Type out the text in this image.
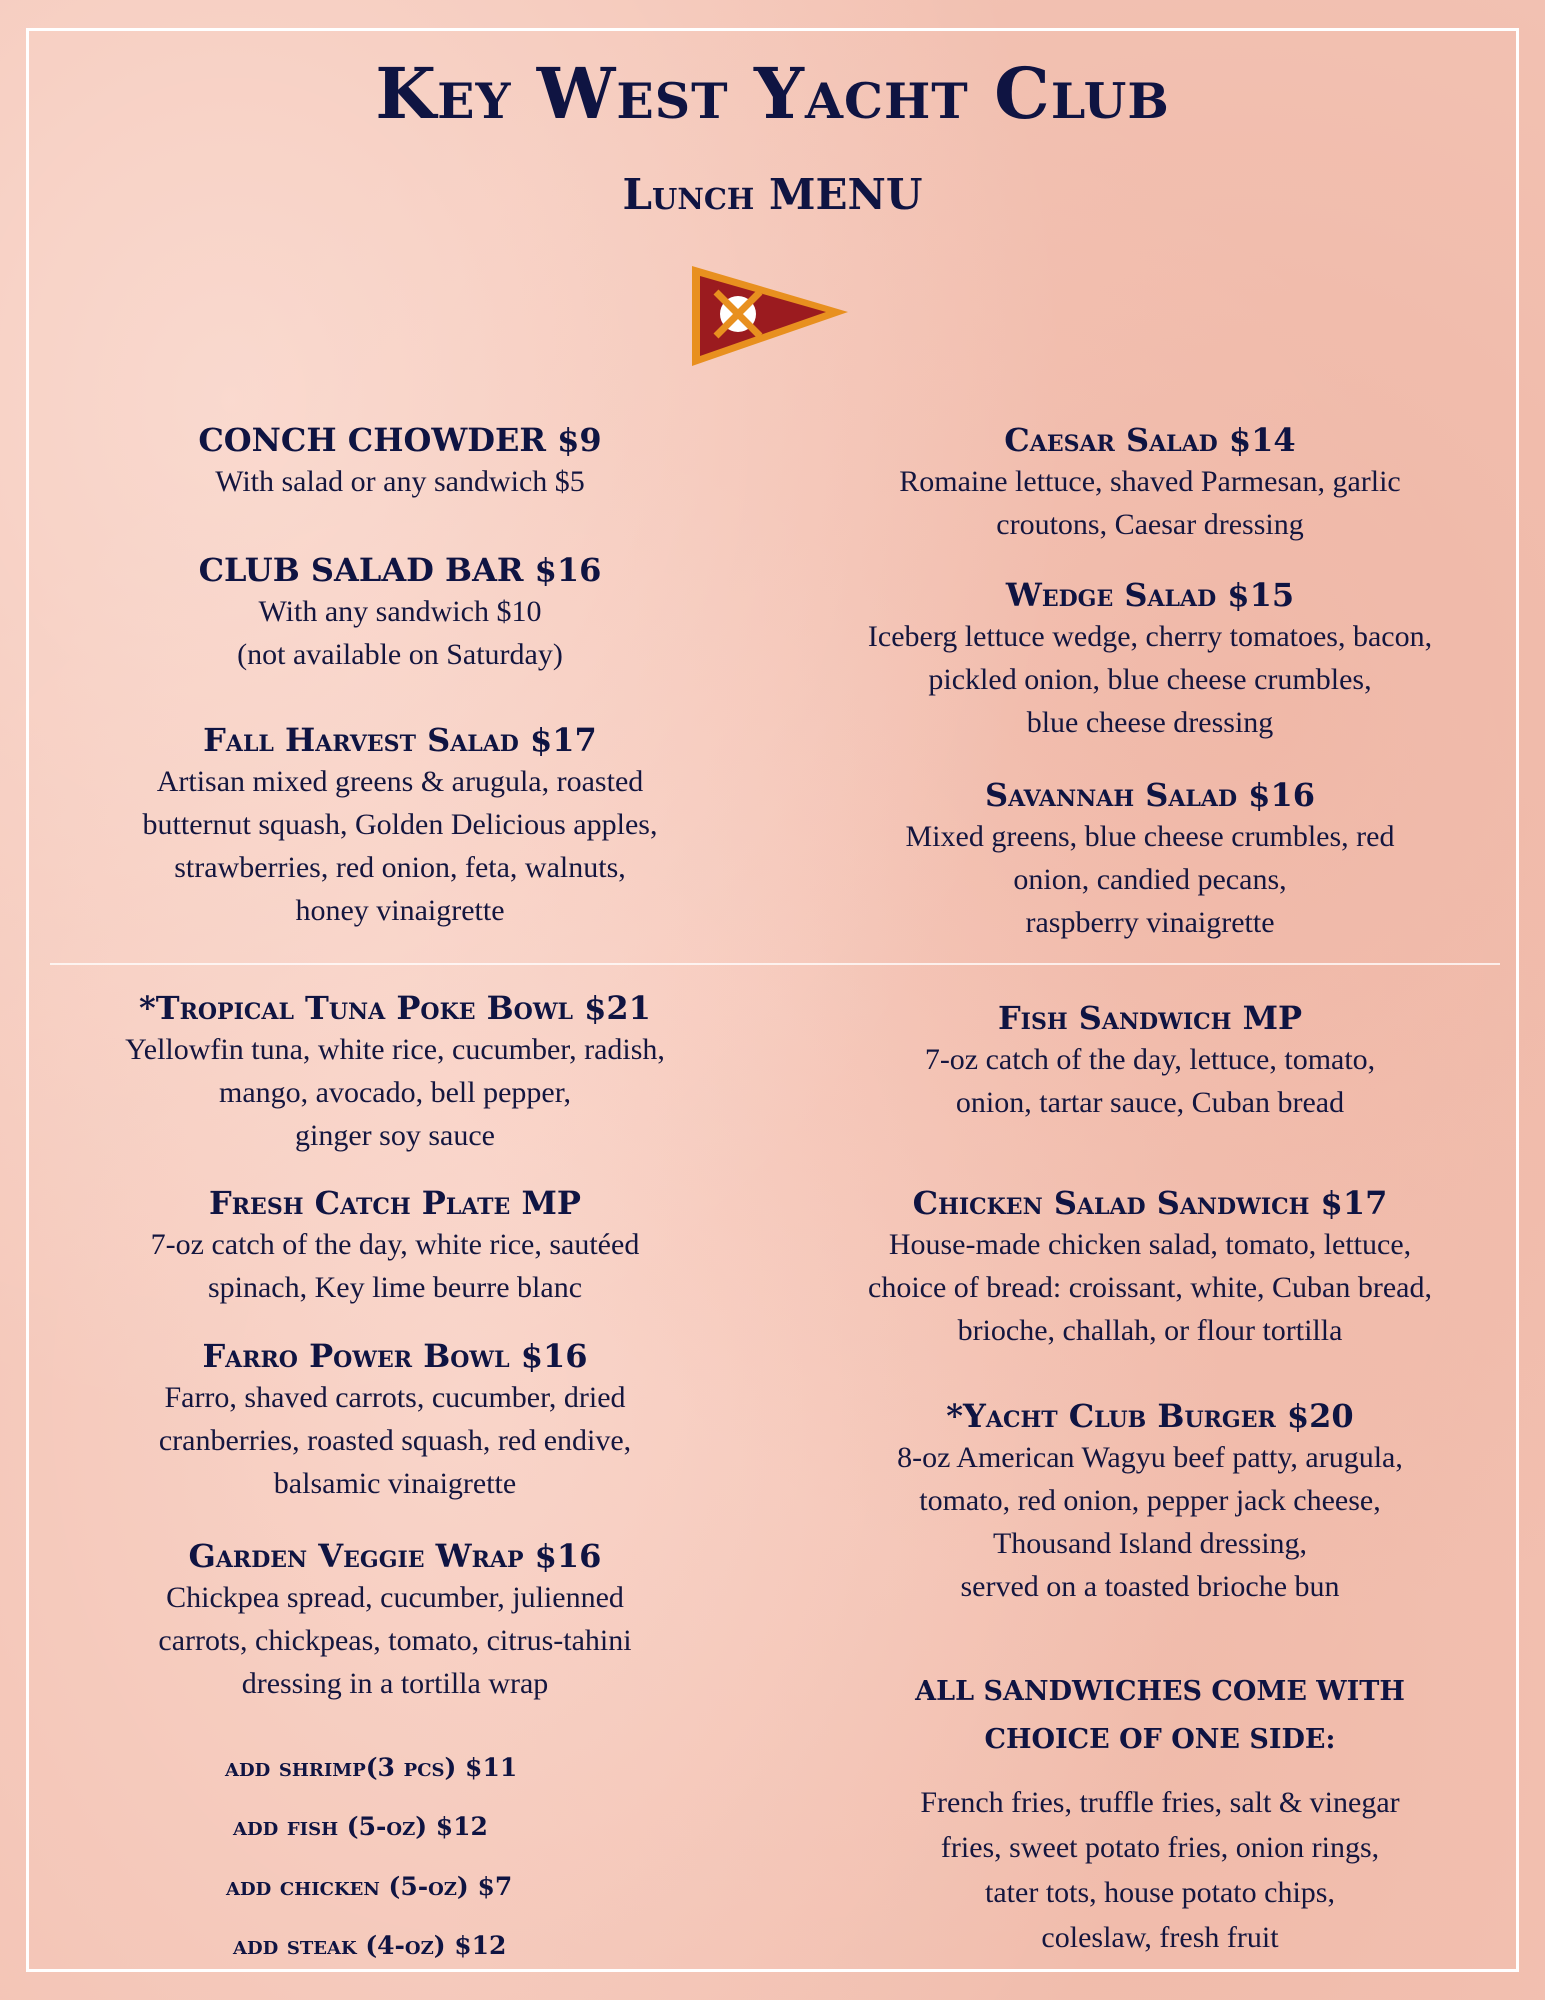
Key West Yacht Club
Lunch MENU
CONCH CHOWDER $9
With salad or any sandwich $5
CLUB SALAD BAR $16
With any sandwich $10
(not available on Saturday)
Fall Harvest Salad $17
Artisan mixed greens & arugula, roasted
butternut squash, Golden Delicious apples,
strawberries, red onion, feta, walnuts,
honey vinaigrette
Caesar Salad $14
Romaine lettuce, shaved Parmesan, garlic
croutons, Caesar dressing
Wedge Salad $15
Iceberg lettuce wedge, cherry tomatoes, bacon,
pickled onion, blue cheese crumbles,
blue cheese dressing
Savannah Salad $16
Mixed greens, blue cheese crumbles, red
onion, candied pecans,
raspberry vinaigrette
*Tropical Tuna Poke Bowl $21
Yellowfin tuna, white rice, cucumber, radish,
mango, avocado, bell pepper,
ginger soy sauce
Fresh Catch Plate MP
7-oz catch of the day, white rice, sautéed
spinach, Key lime beurre blanc
Farro Power Bowl $16
Farro, shaved carrots, cucumber, dried
cranberries, roasted squash, red endive,
balsamic vinaigrette
Garden Veggie Wrap $16
Chickpea spread, cucumber, julienned
carrots, chickpeas, tomato, citrus-tahini
dressing in a tortilla wrap
add shrimp(3 pcs) $11
add fish (5-oz) $12
add chicken (5-oz) $7
add steak (4-oz) $12
Fish Sandwich MP
7-oz catch of the day, lettuce, tomato,
onion, tartar sauce, Cuban bread
Chicken Salad Sandwich $17
House-made chicken salad, tomato, lettuce,
choice of bread: croissant, white, Cuban bread,
brioche, challah, or flour tortilla
*Yacht Club Burger $20
8-oz American Wagyu beef patty, arugula,
tomato, red onion, pepper jack cheese,
Thousand Island dressing,
served on a toasted brioche bun
ALL SANDWICHES COME WITH
CHOICE OF ONE SIDE:
French fries, truffle fries, salt & vinegar
fries, sweet potato fries, onion rings,
tater tots, house potato chips,
coleslaw, fresh fruit
